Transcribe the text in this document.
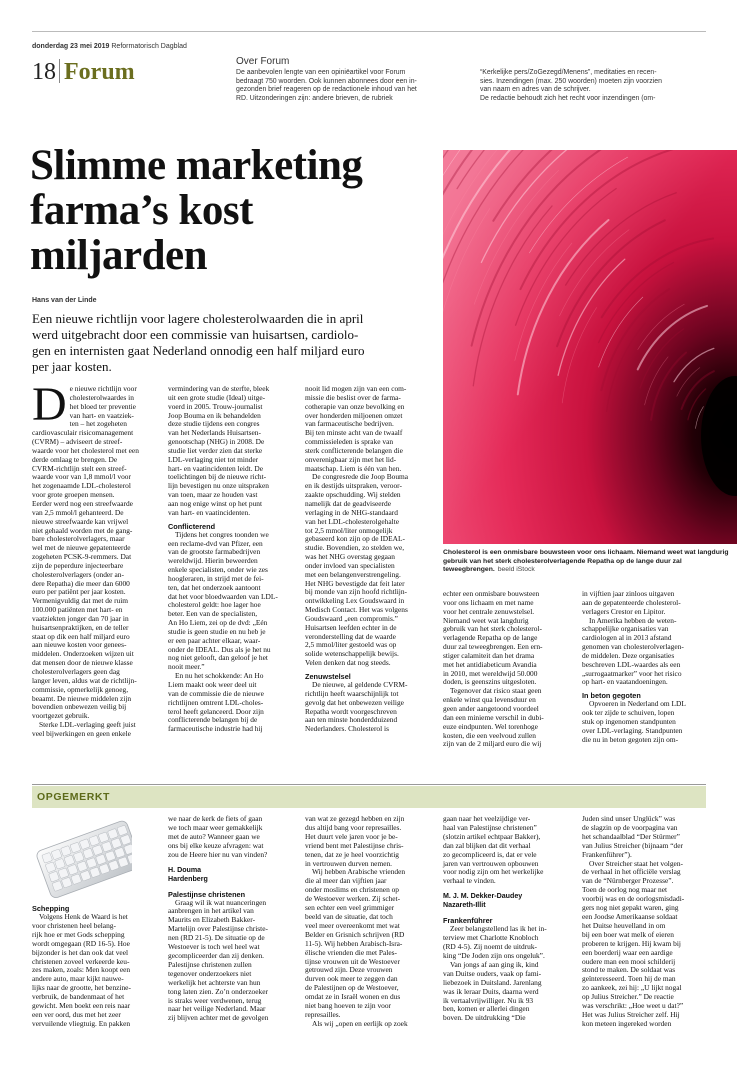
donderdag 23 mei 2019 Reformatorisch Dagblad
18 Forum	Over Forum
De aanbevolen lengte van een opiniëartikel voor Forum
bedraagt 750 woorden. Ook kunnen abonnees door een in-
gezonden brief reageren op de redactionele inhoud van het
RD. Uitzonderingen zijn: andere brieven, de rubriek
“Kerkelijke pers/ZoGezegd/Menens”, meditaties en recen-
sies. Inzendingen (max. 250 woorden) moeten zijn voorzien
van naam en adres van de schrijver.
De redactie behoudt zich het recht voor inzendingen (om-
Slimme marketing
farma’s kost
miljarden
Hans van der Linde
Een nieuwe richtlijn voor lagere cholesterolwaarden die in april
werd uitgebracht door een commissie van huisartsen, cardiolo-
gen en internisten gaat Nederland onnodig een half miljard euro
per jaar kosten.
Cholesterol is een onmisbare bouwsteen voor ons lichaam. Niemand weet wat langdurig gebruik van het sterk cholesterolverlagende Repatha op de lange duur zal teweegbrengen. beeld iStock
D e nieuwe richtlijn voor
cholesterolwaardes in
het bloed ter preventie
van hart- en vaatziek-
ten – het zogeheten

cardiovasculair risicomanagement
(CVRM) – adviseert de streef-
waarde voor het cholesterol met een
derde omlaag te brengen. De
CVRM-richtlijn stelt een streef-
waarde voor van 1,8 mmol/l voor
het zogenaamde LDL-cholesterol
voor grote groepen mensen.
Eerder werd nog een streefwaarde
van 2,5 mmol/l gehanteerd. De
nieuwe streefwaarde kan vrijwel
niet gehaald worden met de gang-
bare cholesterolverlagers, maar
wel met de nieuwe gepatenteerde
zogeheten PCSK-9-remmers. Dat
zijn de peperdure injecteerbare
cholesterolverlagers (onder an-
dere Repatha) die meer dan 6000
euro per patiënt per jaar kosten.
Vermenigvuldig dat met de ruim
100.000 patiënten met hart- en
vaatziekten jonger dan 70 jaar in
huisartsenpraktijken, en de teller
staat op dik een half miljard euro
aan nieuwe kosten voor genees-
middelen. Onderzoeken wijzen uit
dat mensen door de nieuwe klasse
cholesterolverlagers geen dag
langer leven, aldus wat de richtlijn-
commissie, opmerkelijk genoeg,
beaamt. De nieuwe middelen zijn
bovendien onbewezen veilig bij
voortgezet gebruik.

Sterke LDL-verlaging geeft juist
veel bijwerkingen en geen enkele

vermindering van de sterfte, bleek
uit een grote studie (Ideal) uitge-
voerd in 2005. Trouw-journalist
Joop Bouma en ik behandelden
deze studie tijdens een congres
van het Nederlands Huisartsen-
genootschap (NHG) in 2008. De
studie liet verder zien dat sterke
LDL-verlaging niet tot minder
hart- en vaatincidenten leidt. De
toelichtingen bij de nieuwe richt-
lijn bevestigen nu onze uitspraken
van toen, maar ze houden vast
aan nog enige winst op het punt
van hart- en vaatincidenten.

Conflicterend

Tijdens het congres toonden we
een reclame-dvd van Pfizer, een
van de grootste farmabedrijven
wereldwijd. Hierin beweerden
enkele specialisten, onder wie zes
hoogleraren, in strijd met de fei-
ten, dat het onderzoek aantoont
dat het voor bloedwaarden van LDL-
cholesterol geldt: hoe lager hoe
beter. Een van de specialisten,
An Ho Liem, zei op de dvd: „Eén
studie is geen studie en nu heb je
er een paar achter elkaar, waar-
onder de IDEAL. Dus als je het nu
nog niet gelooft, dan geloof je het
nooit meer.”

En nu het schokkende: An Ho
Liem maakt ook weer deel uit
van de commissie die de nieuwe
richtlijnen omtrent LDL-choles-
terol heeft gelanceerd. Door zijn
conflicterende belangen bij de
farmaceutische industrie had hij

nooit lid mogen zijn van een com-
missie die beslist over de farma-
cotherapie van onze bevolking en
over honderden miljoenen omzet
van farmaceutische bedrijven.
Bij ten minste acht van de twaalf
commissieleden is sprake van
sterk conflicterende belangen die
onverenigbaar zijn met het lid-
maatschap. Liem is één van hen.

De congresrede die Joop Bouma
en ik destijds uitspraken, veroor-
zaakte opschudding. Wij stelden
namelijk dat de geadviseerde
verlaging in de NHG-standaard
van het LDL-cholesterolgehalte
tot 2,5 mmol/liter onmogelijk
gebaseerd kon zijn op de IDEAL-
studie. Bovendien, zo stelden we,
was het NHG overstag gegaan
onder invloed van specialisten
met een belangenverstrengeling.
Het NHG bevestigde dat feit later
bij monde van zijn hoofd richtlijn-
ontwikkeling Lex Goudswaard in
Medisch Contact. Het was volgens
Goudswaard „een compromis.”
Huisartsen leefden echter in de
veronderstelling dat de waarde
2,5 mmol/liter gestoeld was op
solide wetenschappelijk bewijs.
Velen denken dat nog steeds.

Zenuwstelsel

De nieuwe, al geldende CVRM-
richtlijn heeft waarschijnlijk tot
gevolg dat het onbewezen veilige
Repatha wordt voorgeschreven
aan ten minste honderdduizend
Nederlanders. Cholesterol is

echter een onmisbare bouwsteen
voor ons lichaam en met name
voor het centrale zenuwstelsel.
Niemand weet wat langdurig
gebruik van het sterk cholesterol-
verlagende Repatha op de lange
duur zal teweegbrengen. Een ern-
stiger calamiteit dan het drama
met het antidiabeticum Avandia
in 2010, met wereldwijd 50.000
doden, is geenszins uitgesloten.

Tegenover dat risico staat geen
enkele winst qua levensduur en
geen ander aangetoond voordeel
dan een minieme verschil in dubi-
euze eindpunten. Wel torenhoge
kosten, die een veelvoud zullen
zijn van de 2 miljard euro die wij

in vijftien jaar zinloos uitgaven
aan de gepatenteerde cholesterol-
verlagers Crestor en Lipitor.

In Amerika hebben de weten-
schappelijke organisaties van
cardiologen al in 2013 afstand
genomen van cholesterolverlagen-
de middelen. Deze organisaties
beschreven LDL-waardes als een
„surrogaatmarker” voor het risico
op hart- en vaatandoeningen.

In beton gegoten

Opvoeren in Nederland om LDL
ook ter zijde te schuiven, lopen
stuk op ingenomen standpunten
over LDL-verlaging. Standpunten
die nu in beton gegoten zijn om-

OPGEMERKT
Schepping

Volgens Henk de Waard is het
voor christenen heel belang-
rijk hoe er met Gods schepping
wordt omgegaan (RD 16-5). Hoe
bijzonder is het dan ook dat veel
christenen zoveel verkeerde keu-
zes maken, zoals: Men koopt een
andere auto, maar kijkt nauwe-
lijks naar de grootte, het benzine-
verbruik, de bandenmaat of het
gewicht. Men boekt een reis naar
een ver oord, dus met het zeer
vervuilende vliegtuig. En pakken

we naar de kerk de fiets of gaan
we toch maar weer gemakkelijk
met de auto? Wanneer gaan we
ons bij elke keuze afvragen: wat
zou de Heere hier nu van vinden?

H. Douma
Hardenberg

Palestijnse christenen

Graag wil ik wat nuanceringen
aanbrengen in het artikel van
Maurits en Elizabeth Bakker-
Martelijn over Palestijnse christe-
nen (RD 21-5). De situatie op de
Westoever is toch wel heel wat
gecompliceerder dan zij denken.
Palestijnse christenen zullen
tegenover onderzoekers niet
werkelijk het achterste van hun
tong laten zien. Zo’n onderzoeker
is straks weer verdwenen, terug
naar het veilige Nederland. Maar
zij blijven achter met de gevolgen

van wat ze gezegd hebben en zijn
dus altijd bang voor represailles.
Het duurt vele jaren voor je be-
vriend bent met Palestijnse chris-
tenen, dat ze je heel voorzichtig
in vertrouwen durven nemen.

Wij hebben Arabische vrienden
die al meer dan vijftien jaar
onder moslims en christenen op
de Westoever werken. Zij schet-
sen echter een veel grimmiger
beeld van de situatie, dat toch
veel meer overeenkomt met wat
Belder en Grisnich schrijven (RD
11-5). Wij hebben Arabisch-Isra-
ëlische vrienden die met Pales-
tijnse vrouwen uit de Westoever
getrouwd zijn. Deze vrouwen
durven ook meer te zeggen dan
de Palestijnen op de Westoever,
omdat ze in Israël wonen en dus
niet bang hoeven te zijn voor
represailles.

Als wij „open en eerlijk op zoek

gaan naar het veelzijdige ver-
haal van Palestijnse christenen”
(slotzin artikel echtpaar Bakker),
dan zal blijken dat dit verhaal
zo gecompliceerd is, dat er vele
jaren van vertrouwen opbouwen
voor nodig zijn om het werkelijke
verhaal te vinden.

M. J. M. Dekker-Daudey
Nazareth-Illit

Frankenführer

Zeer belangstellend las ik het in-
terview met Charlotte Knobloch
(RD 4-5). Zij noemt de uitdruk-
king “De Joden zijn ons ongeluk”.

Van jongs af aan ging ik, kind
van Duitse ouders, vaak op fami-
liebezoek in Duitsland. Jarenlang
was ik leraar Duits, daarna werd
ik vertaalvrijwilliger. Nu ik 93
ben, komen er allerlei dingen
boven. De uitdrukking “Die

Juden sind unser Unglück” was
de slagzin op de voorpagina van
het schandaalblad “Der Stürmer”
van Julius Streicher (bijnaam “der
Frankenführer”).

Over Streicher staat het volgen-
de verhaal in het officiële verslag
van de “Nürnberger Prozesse”.
Toen de oorlog nog maar net
voorbij was en de oorlogsmisdadi-
gers nog niet gepakt waren, ging
een Joodse Amerikaanse soldaat
het Duitse heuvelland in om
bij een boer wat melk of eieren
proberen te krijgen. Hij kwam bij
een boerderij waar een aardige
oudere man een mooi schilderij
stond te maken. De soldaat was
geïnteresseerd. Toen hij de man
zo aankeek, zei hij: „U lijkt nogal
op Julius Streicher.” De reactie
was verschrikt: „Hoe weet u dat?”
Het was Julius Streicher zelf. Hij
kon meteen ingereked worden
